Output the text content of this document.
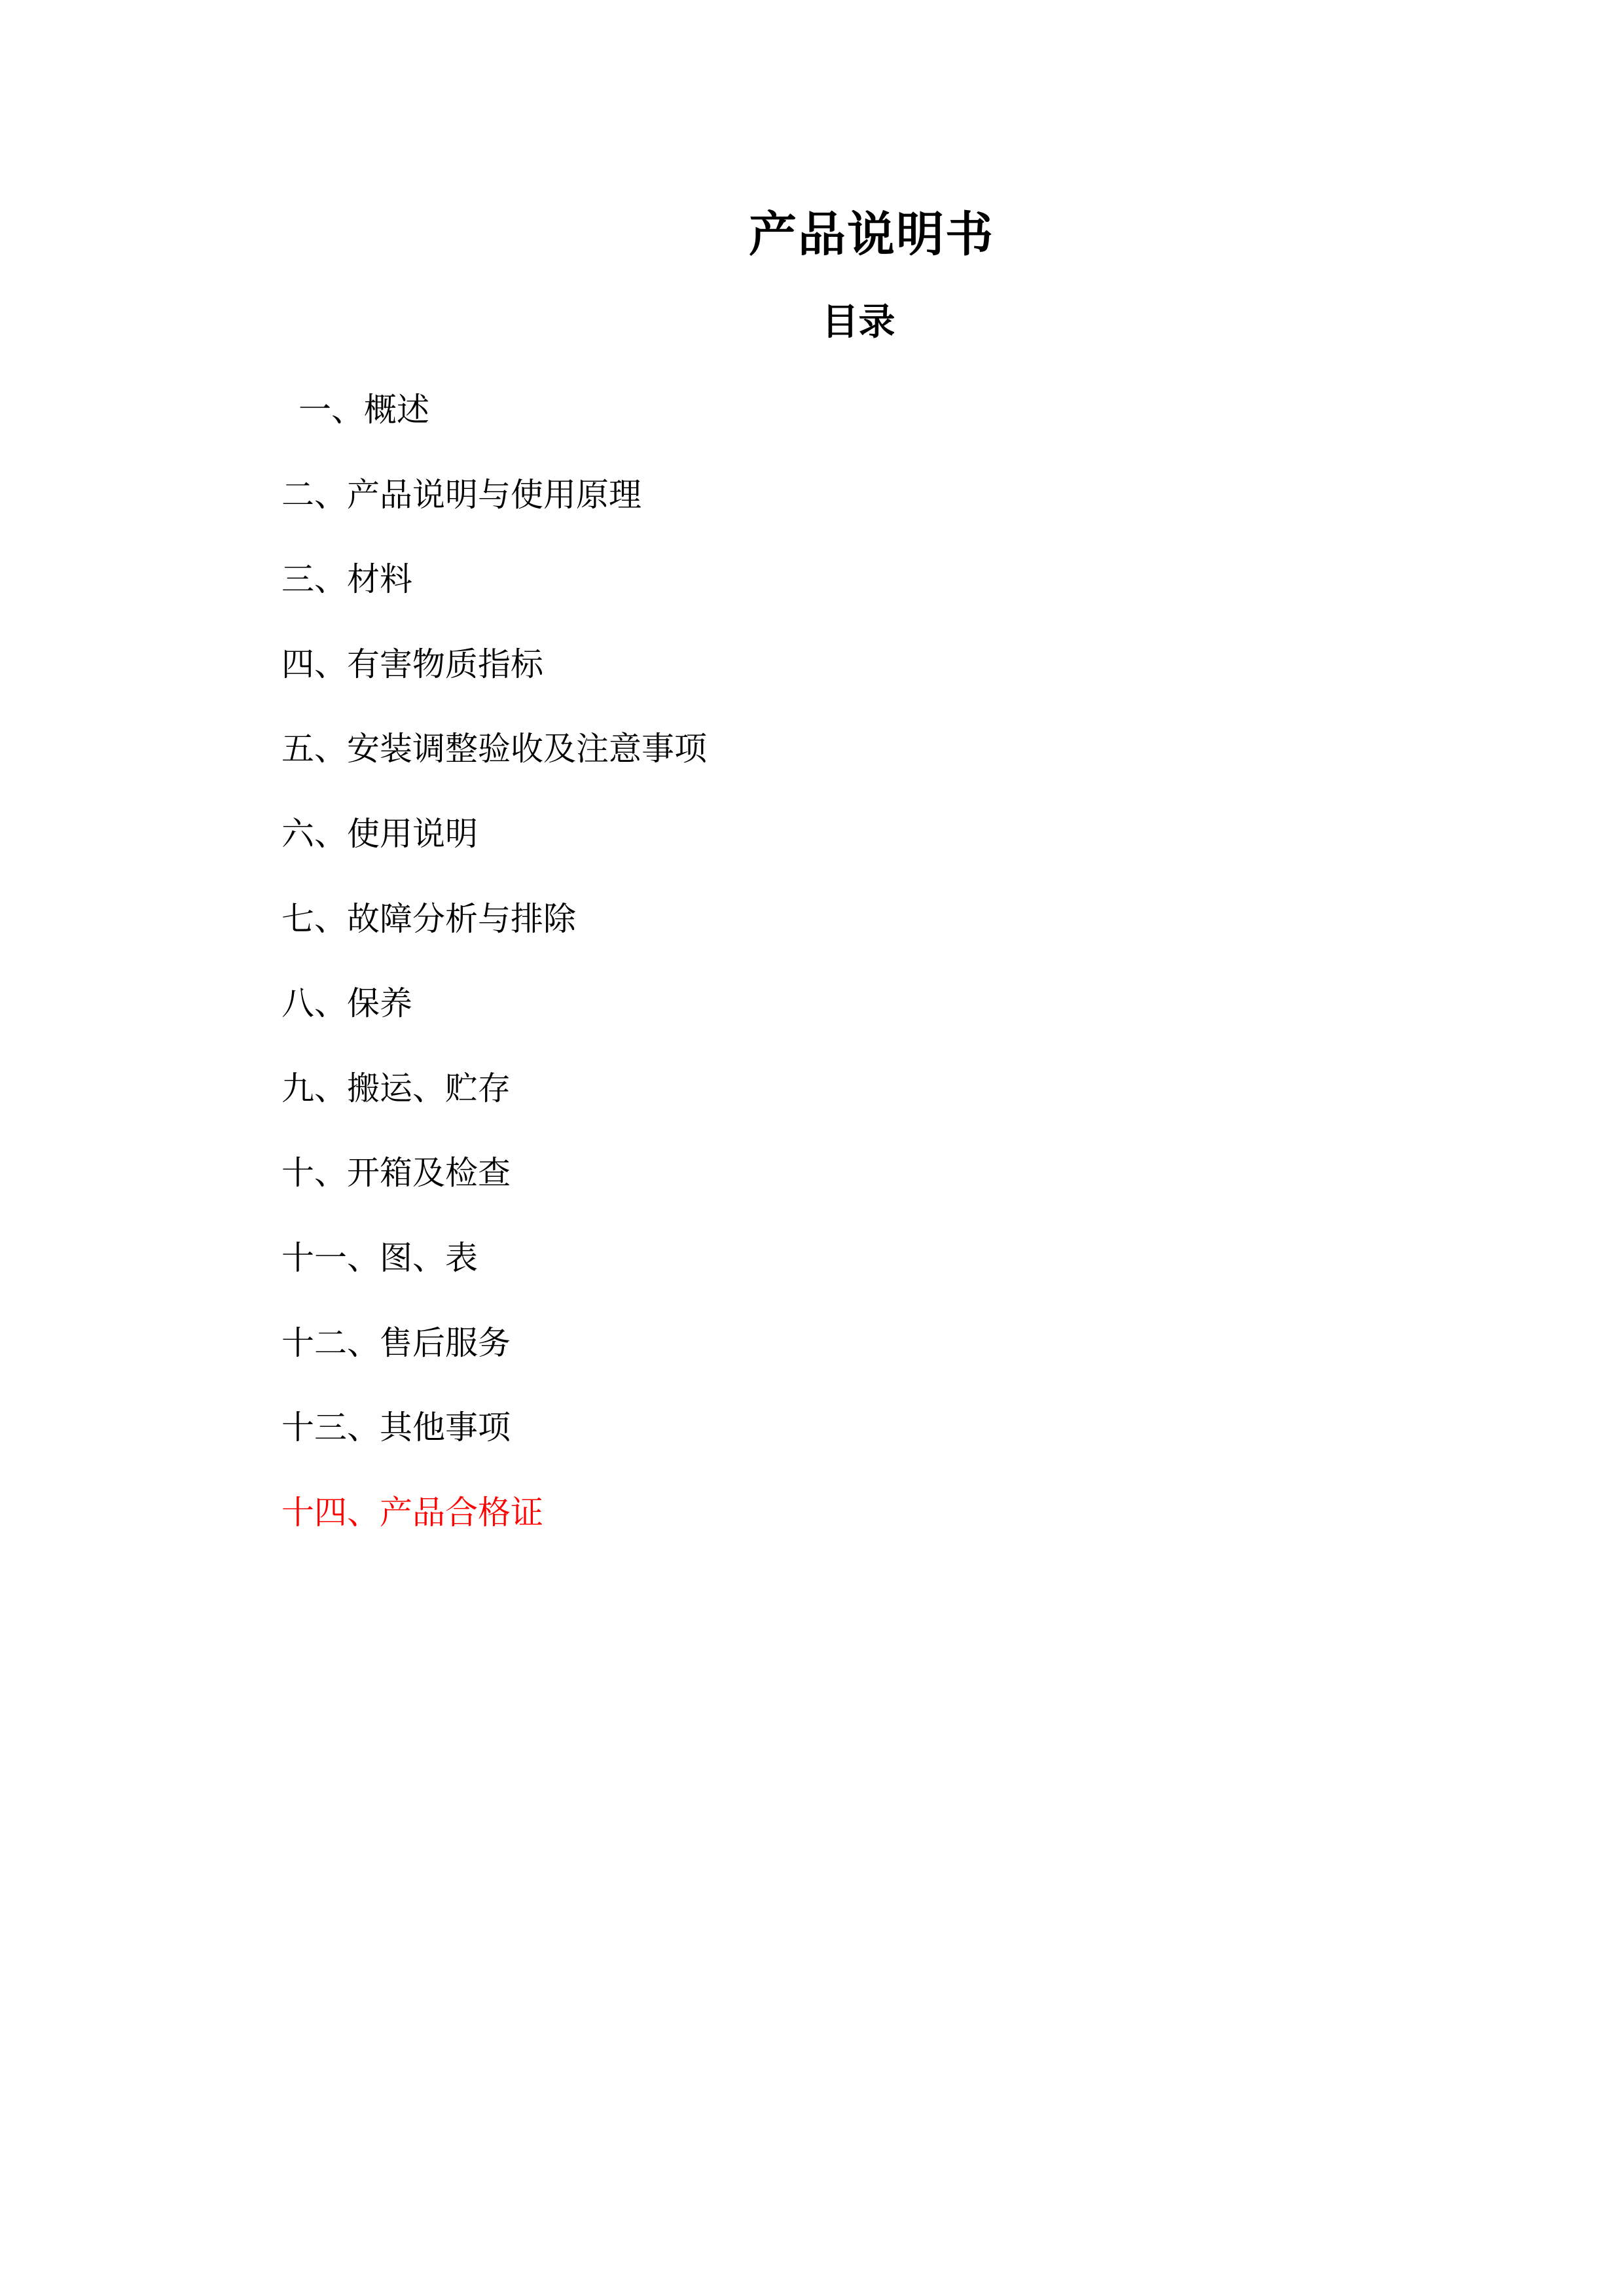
产品说明书
目录
一、概述
二、产品说明与使用原理
三、材料
四、有害物质指标
五、安装调整验收及注意事项
六、使用说明
七、故障分析与排除
八、保养
九、搬运、贮存
十、开箱及检查
十一、图、表
十二、售后服务
十三、其他事项
十四、产品合格证
